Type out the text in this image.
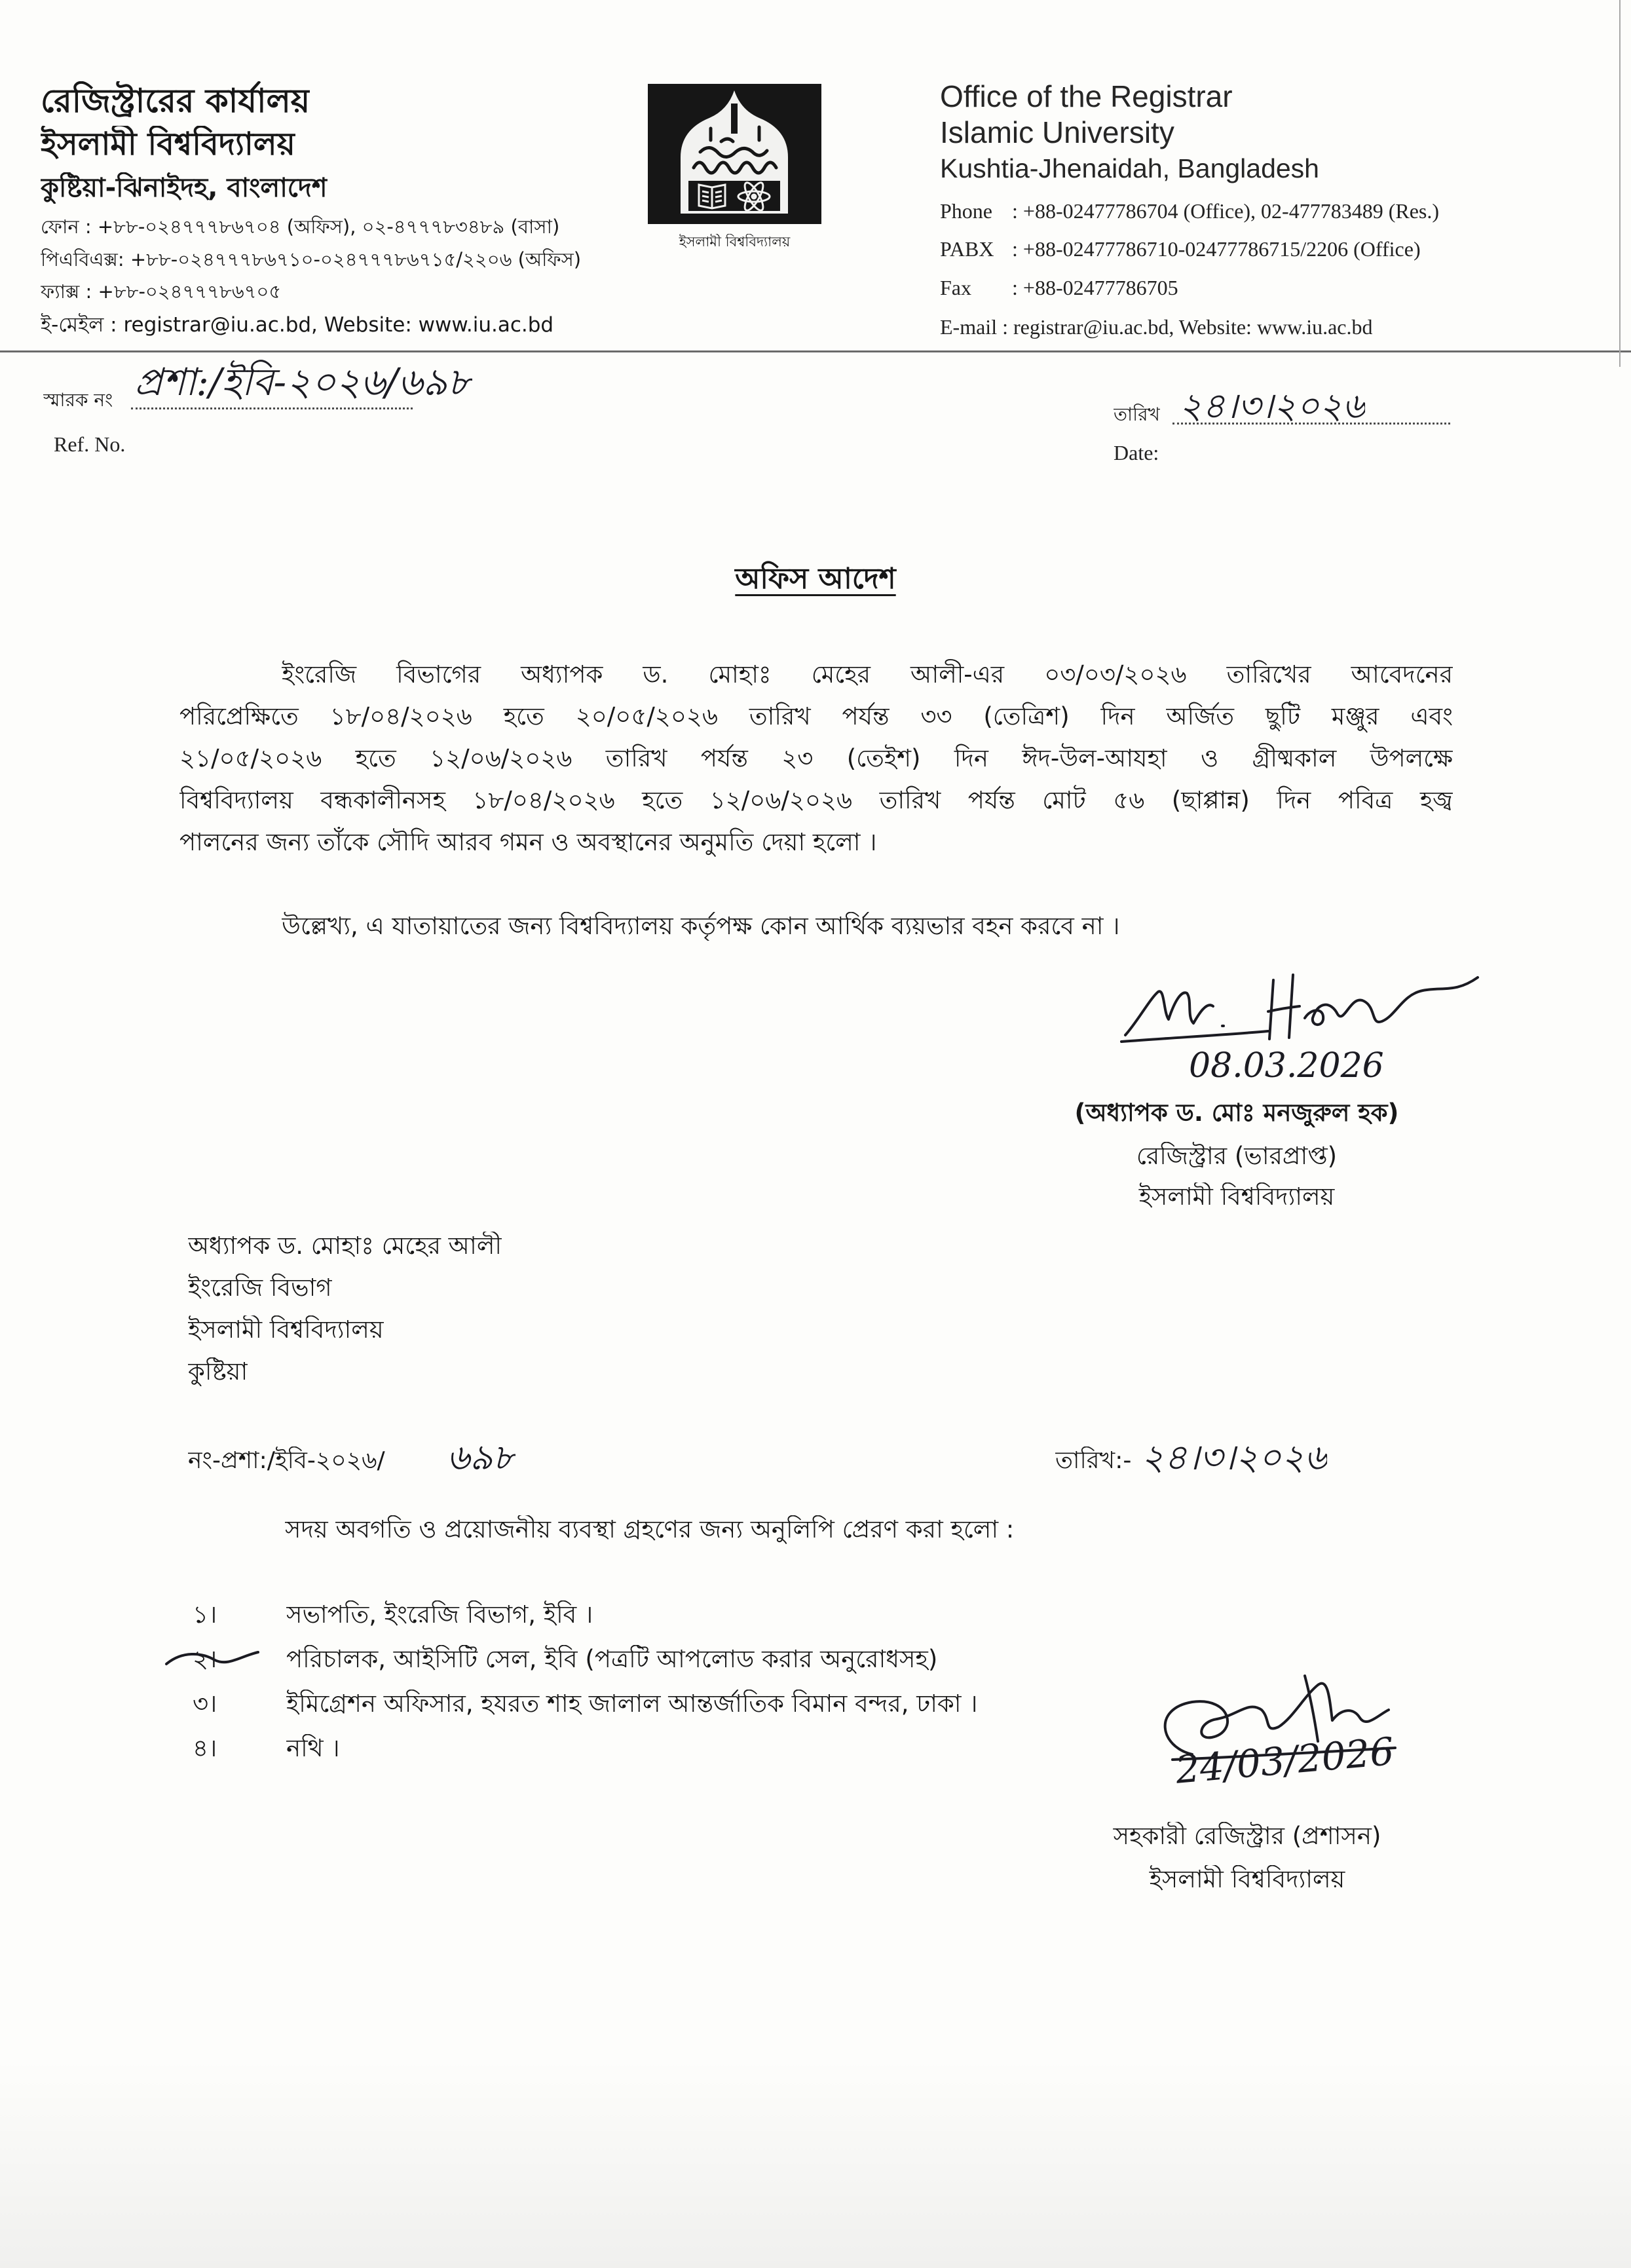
রেজিস্ট্রারের কার্যালয়
ইসলামী বিশ্ববিদ্যালয়
কুষ্টিয়া-ঝিনাইদহ, বাংলাদেশ
ফোন : +৮৮-০২৪৭৭৭৮৬৭০৪ (অফিস), ০২-৪৭৭৭৮৩৪৮৯ (বাসা)
পিএবিএক্স: +৮৮-০২৪৭৭৭৮৬৭১০-০২৪৭৭৭৮৬৭১৫/২২০৬ (অফিস)
ফ্যাক্স : +৮৮-০২৪৭৭৭৮৬৭০৫
ই-মেইল : registrar@iu.ac.bd, Website: www.iu.ac.bd
ইসলামী বিশ্ববিদ্যালয়
Office of the Registrar
Islamic University
Kushtia-Jhenaidah, Bangladesh
Phone : +88-02477786704 (Office), 02-477783489 (Res.)
PABX : +88-02477786710-02477786715/2206 (Office)
Fax : +88-02477786705
E-mail : registrar@iu.ac.bd, Website: www.iu.ac.bd
স্মারক নং প্রশা:/ইবি-২০২৬/৬৯৮
Ref. No.
তারিখ ২৪।৩।২০২৬
Date:
অফিস আদেশ
ইংরেজি বিভাগের অধ্যাপক ড. মোহাঃ মেহের আলী-এর ০৩/০৩/২০২৬ তারিখের আবেদনের
পরিপ্রেক্ষিতে ১৮/০৪/২০২৬ হতে ২০/০৫/২০২৬ তারিখ পর্যন্ত ৩৩ (তেত্রিশ) দিন অর্জিত ছুটি মঞ্জুর এবং
২১/০৫/২০২৬ হতে ১২/০৬/২০২৬ তারিখ পর্যন্ত ২৩ (তেইশ) দিন ঈদ-উল-আযহা ও গ্রীষ্মকাল উপলক্ষে
বিশ্ববিদ্যালয় বন্ধকালীনসহ ১৮/০৪/২০২৬ হতে ১২/০৬/২০২৬ তারিখ পর্যন্ত মোট ৫৬ (ছাপ্পান্ন) দিন পবিত্র হজ্ব
পালনের জন্য তাঁকে সৌদি আরব গমন ও অবস্থানের অনুমতি দেয়া হলো ।
উল্লেখ্য, এ যাতায়াতের জন্য বিশ্ববিদ্যালয় কর্তৃপক্ষ কোন আর্থিক ব্যয়ভার বহন করবে না ।
08.03.2026
(অধ্যাপক ড. মোঃ মনজুরুল হক)
রেজিস্ট্রার (ভারপ্রাপ্ত)
ইসলামী বিশ্ববিদ্যালয়
অধ্যাপক ড. মোহাঃ মেহের আলী
ইংরেজি বিভাগ
ইসলামী বিশ্ববিদ্যালয়
কুষ্টিয়া
নং-প্রশা:/ইবি-২০২৬/ ৬৯৮	তারিখ:- ২৪।৩।২০২৬
সদয় অবগতি ও প্রয়োজনীয় ব্যবস্থা গ্রহণের জন্য অনুলিপি প্রেরণ করা হলো :
১।	সভাপতি, ইংরেজি বিভাগ, ইবি ।
২।	পরিচালক, আইসিটি সেল, ইবি (পত্রটি আপলোড করার অনুরোধসহ)
৩।	ইমিগ্রেশন অফিসার, হযরত শাহ জালাল আন্তর্জাতিক বিমান বন্দর, ঢাকা ।
৪।	নথি ।	24/03/2026
সহকারী রেজিস্ট্রার (প্রশাসন)
ইসলামী বিশ্ববিদ্যালয়
